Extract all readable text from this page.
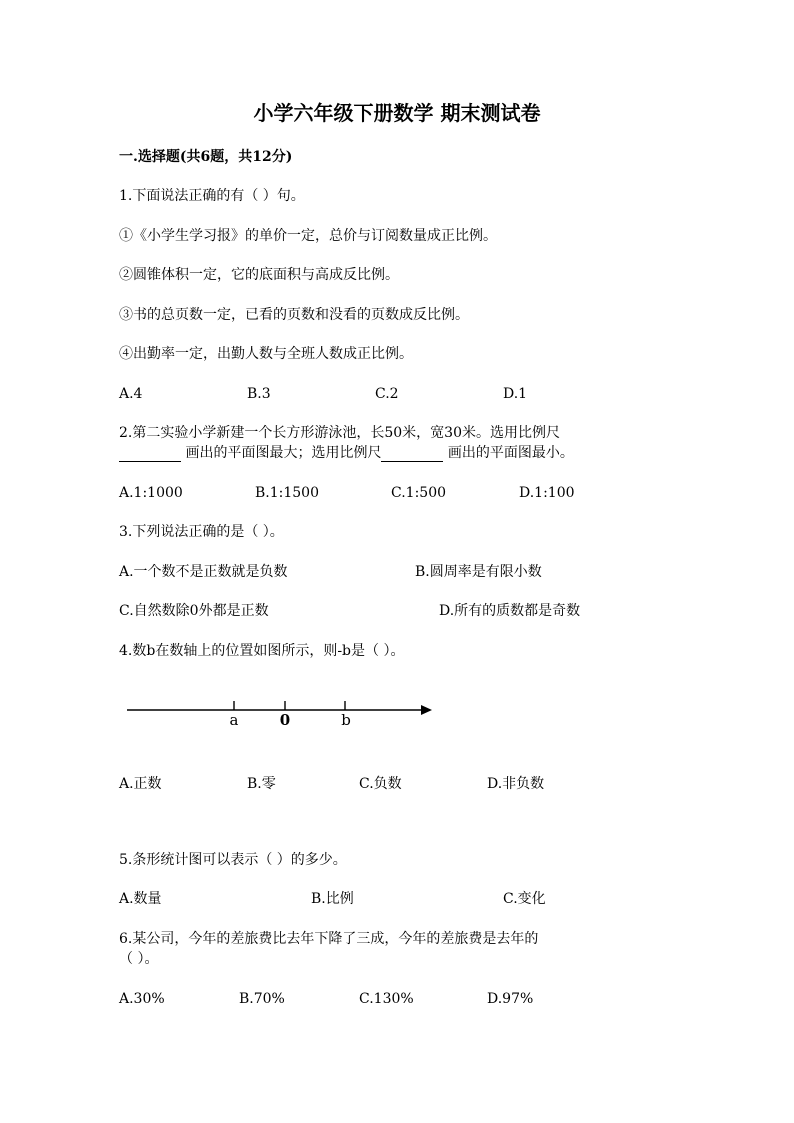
小学六年级下册数学 期末测试卷
一.选择题(共6题，共12分)
1.下面说法正确的有（ ）句。
①《小学生学习报》的单价一定，总价与订阅数量成正比例。
②圆锥体积一定，它的底面积与高成反比例。
③书的总页数一定，已看的页数和没看的页数成反比例。
④出勤率一定，出勤人数与全班人数成正比例。
A.4	B.3	C.2	D.1
2.第二实验小学新建一个长方形游泳池，长50米，宽30米。选用比例尺
画出的平面图最大；选用比例尺	画出的平面图最小。
A.1:1000	B.1:1500	C.1:500	D.1:100
3.下列说法正确的是（ ）。
A.一个数不是正数就是负数	B.圆周率是有限小数
C.自然数除0外都是正数	D.所有的质数都是奇数
4.数b在数轴上的位置如图所示，则-b是（ ）。
a	0	b
A.正数	B.零	C.负数	D.非负数
5.条形统计图可以表示（ ）的多少。
A.数量	B.比例	C.变化
6.某公司，今年的差旅费比去年下降了三成，今年的差旅费是去年的
（ ）。
A.30%	B.70%	C.130%	D.97%
